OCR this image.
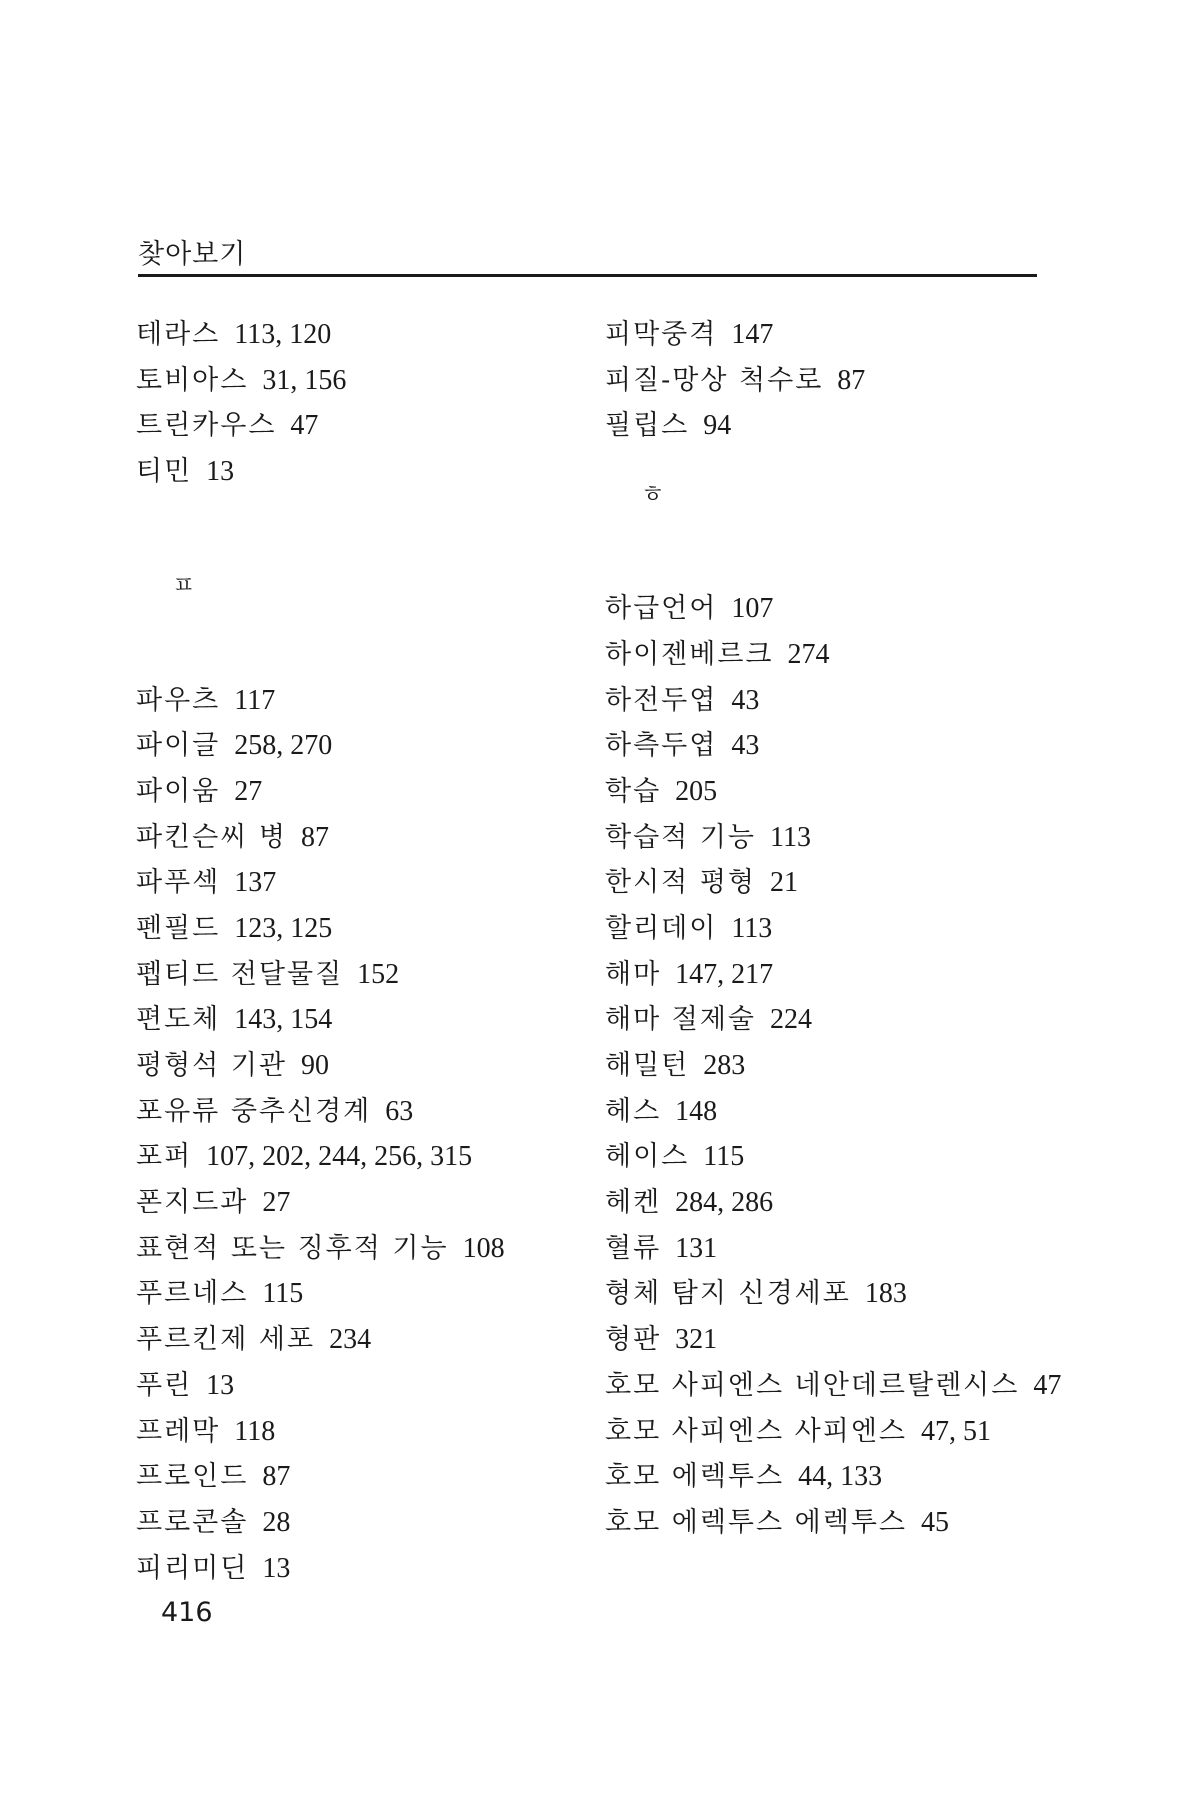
찾아보기
테라스 113, 120
토비아스 31, 156
트린카우스 47
티민 13
ㅍ
파우츠 117
파이글 258, 270
파이움 27
파킨슨씨 병 87
파푸섹 137
펜필드 123, 125
펩티드 전달물질 152
편도체 143, 154
평형석 기관 90
포유류 중추신경계 63
포퍼 107, 202, 244, 256, 315
폰지드과 27
표현적 또는 징후적 기능 108
푸르네스 115
푸르킨제 세포 234
푸린 13
프레막 118
프로인드 87
프로콘솔 28
피리미딘 13
피막중격 147
피질-망상 척수로 87
필립스 94
ㅎ
하급언어 107
하이젠베르크 274
하전두엽 43
하측두엽 43
학습 205
학습적 기능 113
한시적 평형 21
할리데이 113
해마 147, 217
해마 절제술 224
해밀턴 283
헤스 148
헤이스 115
헤켄 284, 286
혈류 131
형체 탐지 신경세포 183
형판 321
호모 사피엔스 네안데르탈렌시스 47
호모 사피엔스 사피엔스 47, 51
호모 에렉투스 44, 133
호모 에렉투스 에렉투스 45
416
